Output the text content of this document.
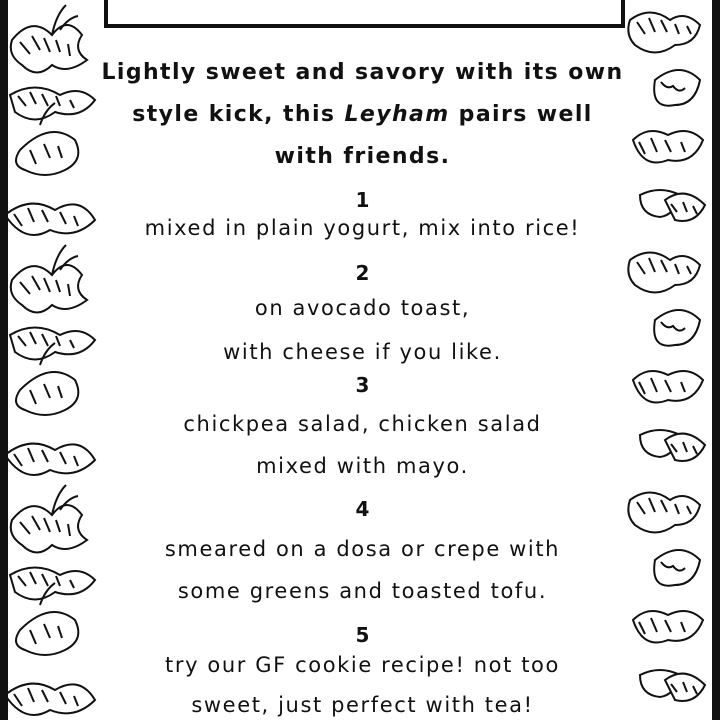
Lightly sweet and savory with its own style kick, this Leyham pairs well with friends.
1
mixed in plain yogurt, mix into rice!
2
on avocado toast,
with cheese if you like.
3
chickpea salad, chicken salad
mixed with mayo.
4
smeared on a dosa or crepe with
some greens and toasted tofu.
5
try our GF cookie recipe! not too
sweet, just perfect with tea!
